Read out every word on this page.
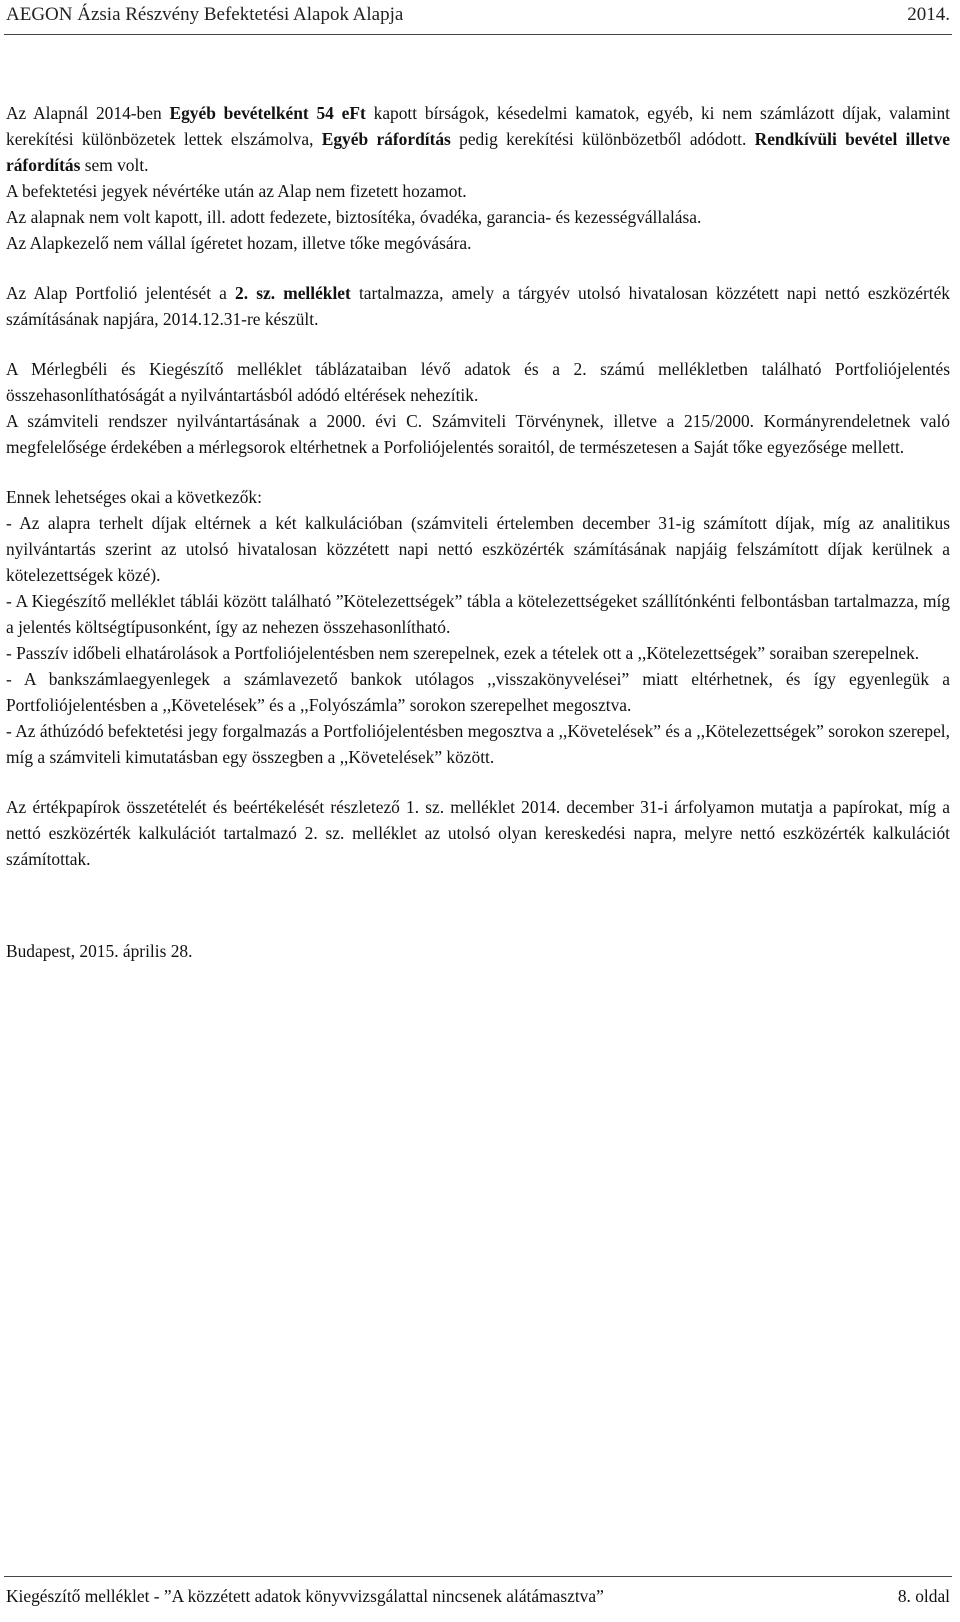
AEGON Ázsia Részvény Befektetési Alapok Alapja	2014.

Az Alapnál 2014-ben Egyéb bevételként 54 eFt kapott bírságok, késedelmi kamatok, egyéb, ki nem számlázott díjak, valamint kerekítési különbözetek lettek elszámolva, Egyéb ráfordítás pedig kerekítési különbözetből adódott. Rendkívüli bevétel illetve ráfordítás sem volt.

A befektetési jegyek névértéke után az Alap nem fizetett hozamot.

Az alapnak nem volt kapott, ill. adott fedezete, biztosítéka, óvadéka, garancia- és kezességvállalása.

Az Alapkezelő nem vállal ígéretet hozam, illetve tőke megóvására.

Az Alap Portfolió jelentését a 2. sz. melléklet tartalmazza, amely a tárgyév utolsó hivatalosan közzétett napi nettó eszközérték számításának napjára, 2014.12.31-re készült.

A Mérlegbéli és Kiegészítő melléklet táblázataiban lévő adatok és a 2. számú mellékletben található Portfoliójelentés összehasonlíthatóságát a nyilvántartásból adódó eltérések nehezítik.

A számviteli rendszer nyilvántartásának a 2000. évi C. Számviteli Törvénynek, illetve a 215/2000. Kormányrendeletnek való megfelelősége érdekében a mérlegsorok eltérhetnek a Porfoliójelentés soraitól, de természetesen a Saját tőke egyezősége mellett.

Ennek lehetséges okai a következők:

- Az alapra terhelt díjak eltérnek a két kalkulációban (számviteli értelemben december 31-ig számított díjak, míg az analitikus nyilvántartás szerint az utolsó hivatalosan közzétett napi nettó eszközérték számításának napjáig felszámított díjak kerülnek a kötelezettségek közé).

- A Kiegészítő melléklet táblái között található ”Kötelezettségek” tábla a kötelezettségeket szállítónkénti felbontásban tartalmazza, míg a jelentés költségtípusonként, így az nehezen összehasonlítható.

- Passzív időbeli elhatárolások a Portfoliójelentésben nem szerepelnek, ezek a tételek ott a ,,Kötelezettségek” soraiban szerepelnek.

- A bankszámlaegyenlegek a számlavezető bankok utólagos ,,visszakönyvelései” miatt eltérhetnek, és így egyenlegük a Portfoliójelentésben a ,,Követelések” és a ,,Folyószámla” sorokon szerepelhet megosztva.

- Az áthúzódó befektetési jegy forgalmazás a Portfoliójelentésben megosztva a ,,Követelések” és a ,,Kötelezettségek” sorokon szerepel, míg a számviteli kimutatásban egy összegben a ,,Követelések” között.

Az értékpapírok összetételét és beértékelését részletező 1. sz. melléklet 2014. december 31-i árfolyamon mutatja a papírokat, míg a nettó eszközérték kalkulációt tartalmazó 2. sz. melléklet az utolsó olyan kereskedési napra, melyre nettó eszközérték kalkulációt számítottak.

Budapest, 2015. április 28.

Kiegészítő melléklet - ”A közzétett adatok könyvvizsgálattal nincsenek alátámasztva”	8. oldal
